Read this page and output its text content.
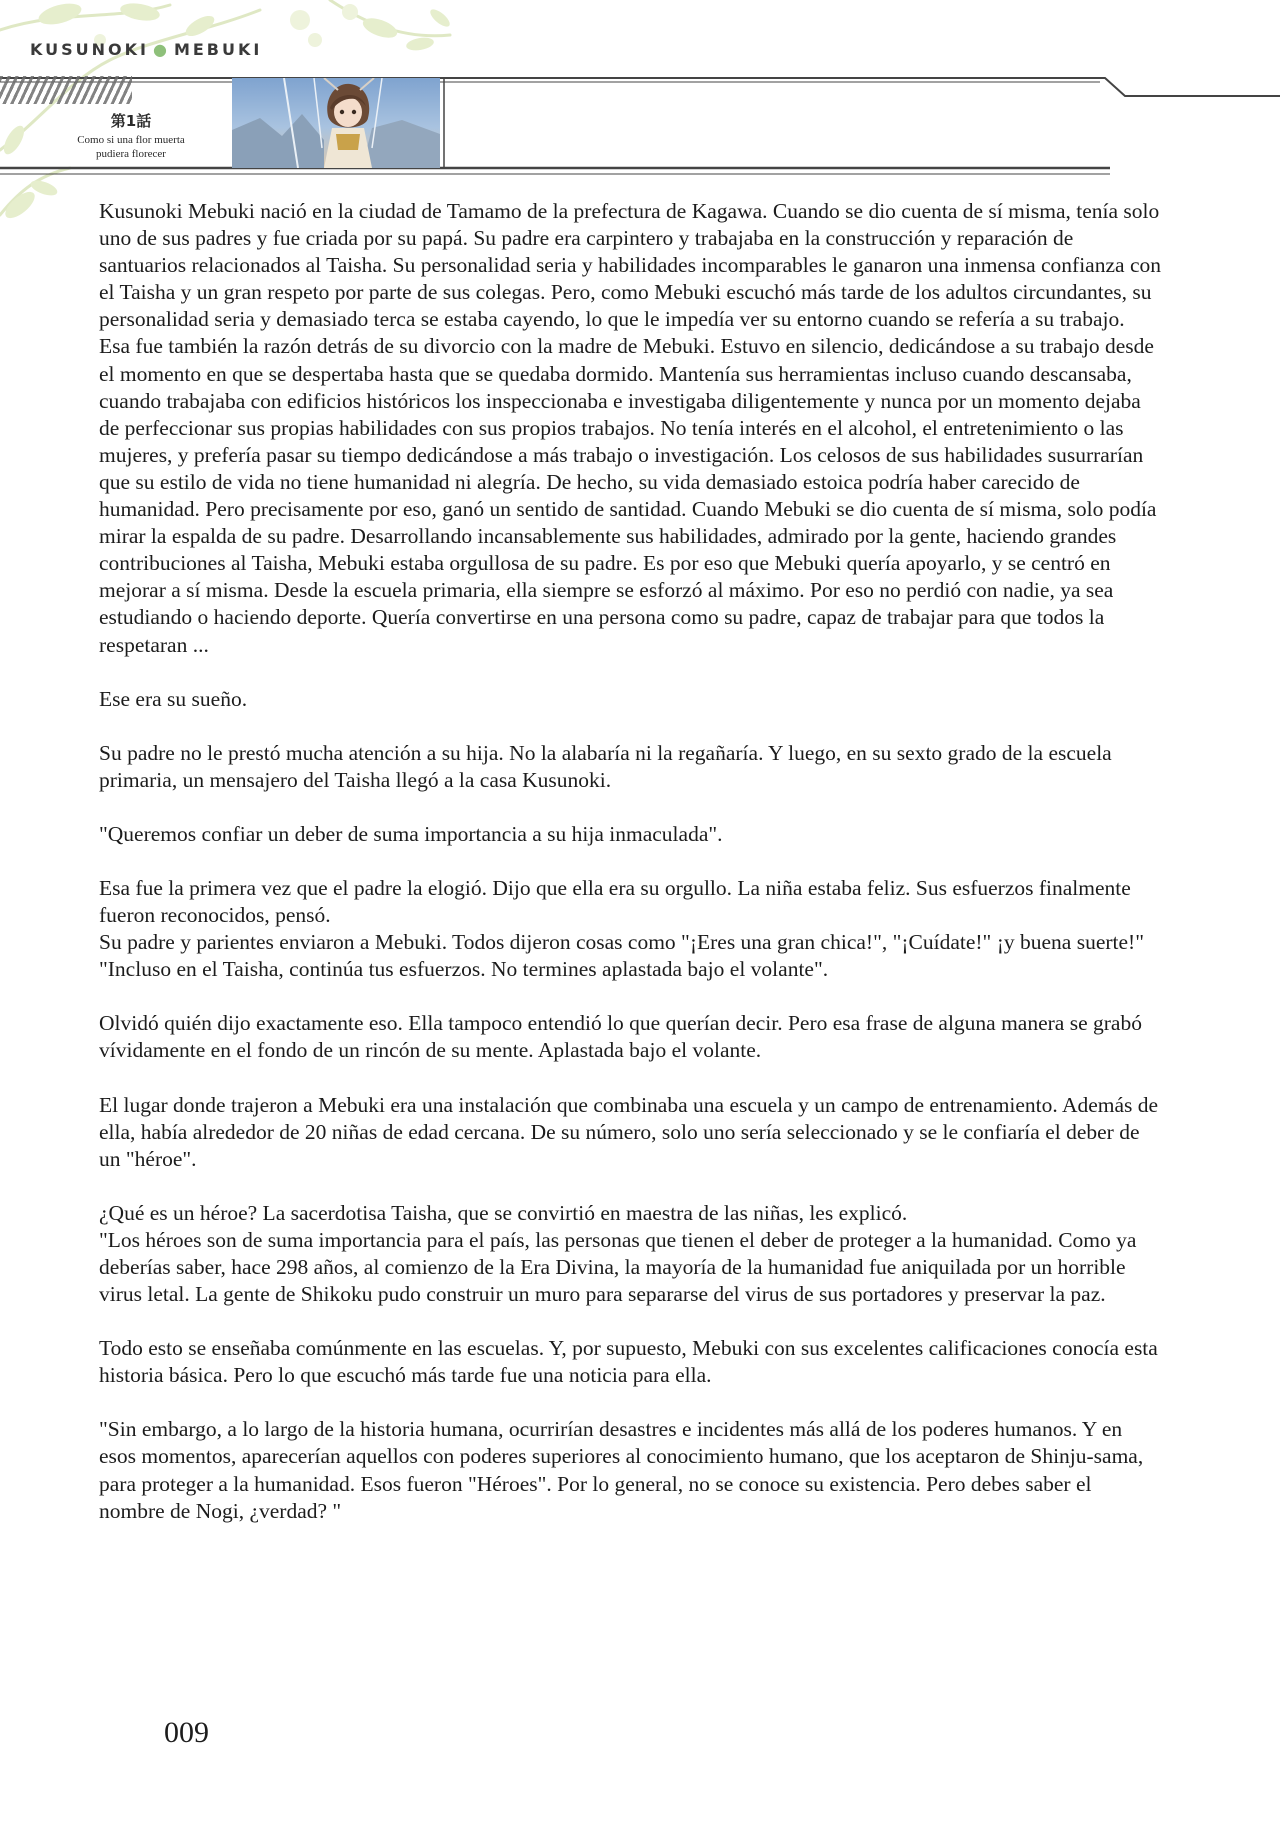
KUSUNOKI ● MEBUKI
第1話
Como si una flor muerta
pudiera florecer

Kusunoki Mebuki nació en la ciudad de Tamamo de la prefectura de Kagawa. Cuando se dio cuenta de sí misma, tenía solo uno de sus padres y fue criada por su papá. Su padre era carpintero y trabajaba en la construcción y reparación de santuarios relacionados al Taisha. Su personalidad seria y habilidades incomparables le ganaron una inmensa confianza con el Taisha y un gran respeto por parte de sus colegas. Pero, como Mebuki escuchó más tarde de los adultos circundantes, su personalidad seria y demasiado terca se estaba cayendo, lo que le impedía ver su entorno cuando se refería a su trabajo. Esa fue también la razón detrás de su divorcio con la madre de Mebuki. Estuvo en silencio, dedicándose a su trabajo desde el momento en que se despertaba hasta que se quedaba dormido. Mantenía sus herramientas incluso cuando descansaba, cuando trabajaba con edificios históricos los inspeccionaba e investigaba diligentemente y nunca por un momento dejaba de perfeccionar sus propias habilidades con sus propios trabajos. No tenía interés en el alcohol, el entretenimiento o las mujeres, y prefería pasar su tiempo dedicándose a más trabajo o investigación. Los celosos de sus habilidades susurrarían que su estilo de vida no tiene humanidad ni alegría. De hecho, su vida demasiado estoica podría haber carecido de humanidad. Pero precisamente por eso, ganó un sentido de santidad. Cuando Mebuki se dio cuenta de sí misma, solo podía mirar la espalda de su padre. Desarrollando incansablemente sus habilidades, admirado por la gente, haciendo grandes contribuciones al Taisha, Mebuki estaba orgullosa de su padre. Es por eso que Mebuki quería apoyarlo, y se centró en mejorar a sí misma. Desde la escuela primaria, ella siempre se esforzó al máximo. Por eso no perdió con nadie, ya sea estudiando o haciendo deporte. Quería convertirse en una persona como su padre, capaz de trabajar para que todos la respetaran ...

Ese era su sueño.

Su padre no le prestó mucha atención a su hija. No la alabaría ni la regañaría. Y luego, en su sexto grado de la escuela primaria, un mensajero del Taisha llegó a la casa Kusunoki.

"Queremos confiar un deber de suma importancia a su hija inmaculada".

Esa fue la primera vez que el padre la elogió. Dijo que ella era su orgullo. La niña estaba feliz. Sus esfuerzos finalmente fueron reconocidos, pensó.
Su padre y parientes enviaron a Mebuki. Todos dijeron cosas como "¡Eres una gran chica!", "¡Cuídate!" ¡y buena suerte!"
"Incluso en el Taisha, continúa tus esfuerzos. No termines aplastada bajo el volante".

Olvidó quién dijo exactamente eso. Ella tampoco entendió lo que querían decir. Pero esa frase de alguna manera se grabó vívidamente en el fondo de un rincón de su mente. Aplastada bajo el volante.

El lugar donde trajeron a Mebuki era una instalación que combinaba una escuela y un campo de entrenamiento. Además de ella, había alrededor de 20 niñas de edad cercana. De su número, solo uno sería seleccionado y se le confiaría el deber de un "héroe".

¿Qué es un héroe? La sacerdotisa Taisha, que se convirtió en maestra de las niñas, les explicó.
"Los héroes son de suma importancia para el país, las personas que tienen el deber de proteger a la humanidad. Como ya deberías saber, hace 298 años, al comienzo de la Era Divina, la mayoría de la humanidad fue aniquilada por un horrible virus letal. La gente de Shikoku pudo construir un muro para separarse del virus de sus portadores y preservar la paz.

Todo esto se enseñaba comúnmente en las escuelas. Y, por supuesto, Mebuki con sus excelentes calificaciones conocía esta historia básica. Pero lo que escuchó más tarde fue una noticia para ella.

"Sin embargo, a lo largo de la historia humana, ocurrirían desastres e incidentes más allá de los poderes humanos. Y en esos momentos, aparecerían aquellos con poderes superiores al conocimiento humano, que los aceptaron de Shinju-sama, para proteger a la humanidad. Esos fueron "Héroes". Por lo general, no se conoce su existencia. Pero debes saber el nombre de Nogi, ¿verdad? "

009
